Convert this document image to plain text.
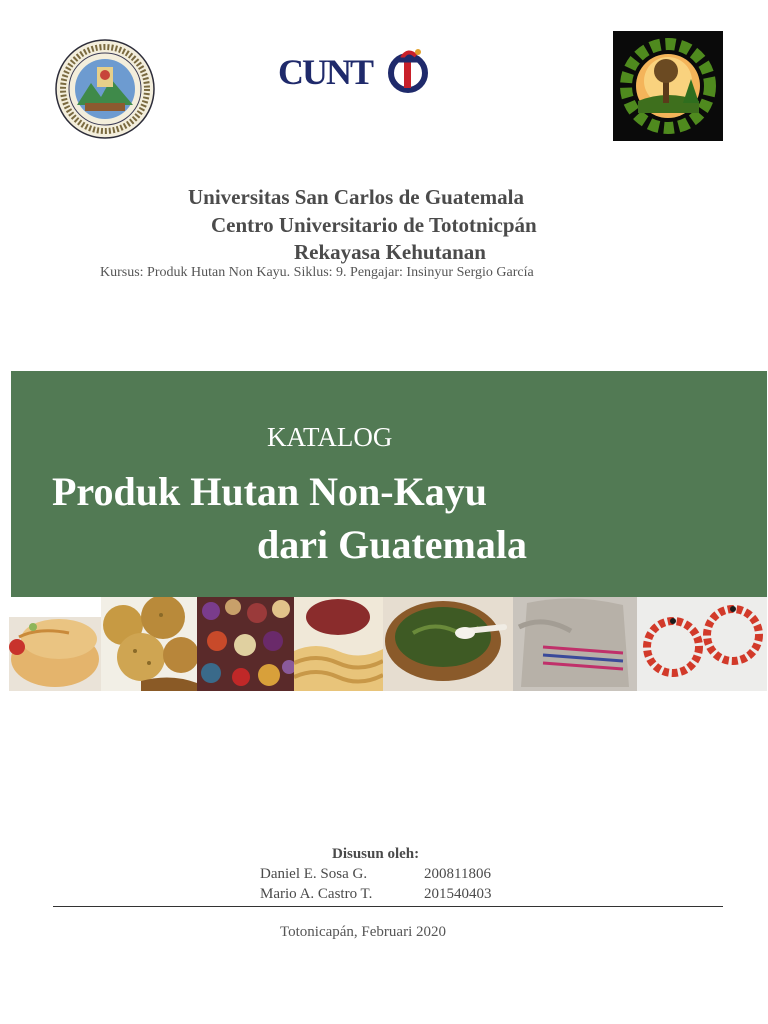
CUNT
Universitas San Carlos de Guatemala
Centro Universitario de Tototnicpán
Rekayasa Kehutanan
Kursus: Produk Hutan Non Kayu. Siklus: 9. Pengajar: Insinyur Sergio García
KATALOG
Produk Hutan Non-Kayu
dari Guatemala
Disusun oleh:
Daniel E. Sosa G.	200811806
Mario A. Castro T.	201540403
Totonicapán, Februari 2020
